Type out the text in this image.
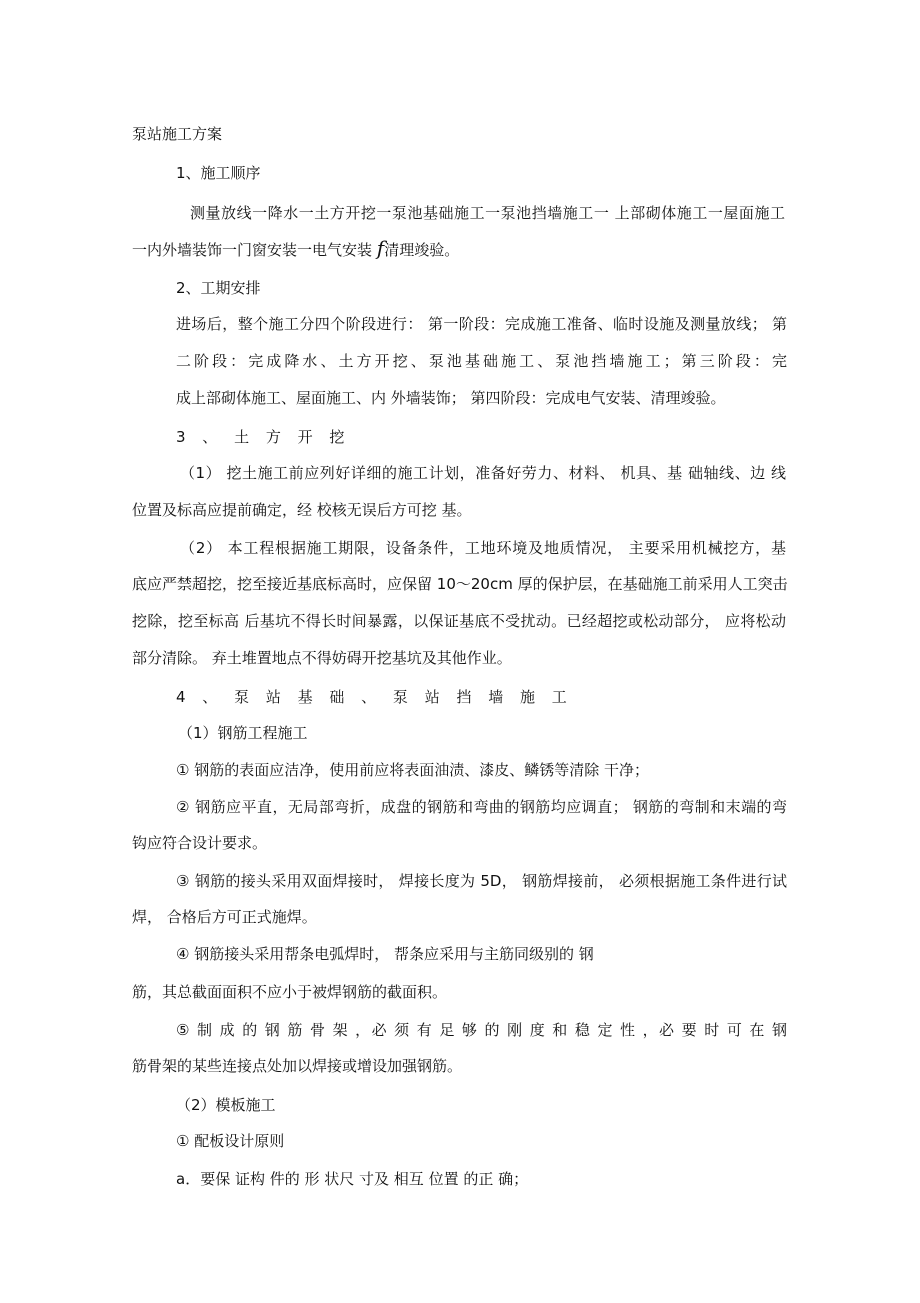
泵站施工方案
1、施工顺序
测量放线一降水一土方开挖一泵池基础施工一泵池挡墙施工一 上部砌体施工一屋面施工
一内外墙装饰一门窗安装一电气安装 f清理竣验。
2、工期安排
进场后，整个施工分四个阶段进行： 第一阶段：完成施工准备、临时设施及测量放线； 第
二阶段：完成降水、土方开挖、泵池基础施工、泵池挡墙施工；第三阶段：完
成上部砌体施工、屋面施工、内 外墙装饰； 第四阶段：完成电气安装、清理竣验。
3 、 土 方 开 挖
（1） 挖土施工前应列好详细的施工计划，准备好劳力、材料、 机具、基 础轴线、边 线
位置及标高应提前确定，经 校核无误后方可挖 基。
（2） 本工程根据施工期限，设备条件，工地环境及地质情况， 主要采用机械挖方，基
底应严禁超挖，挖至接近基底标高时，应保留 10～20cm 厚的保护层，在基础施工前采用人工突击
挖除，挖至标高 后基坑不得长时间暴露，以保证基底不受扰动。已经超挖或松动部分， 应将松动
部分清除。 弃土堆置地点不得妨碍开挖基坑及其他作业。
4 、 泵 站 基 础 、 泵 站 挡 墙 施 工
（1）钢筋工程施工
① 钢筋的表面应洁净，使用前应将表面油渍、漆皮、鳞锈等清除 干净；
② 钢筋应平直，无局部弯折，成盘的钢筋和弯曲的钢筋均应调直； 钢筋的弯制和末端的弯
钩应符合设计要求。
③ 钢筋的接头采用双面焊接时， 焊接长度为 5D， 钢筋焊接前， 必须根据施工条件进行试
焊， 合格后方可正式施焊。
④ 钢筋接头采用帮条电弧焊时， 帮条应采用与主筋同级别的 钢
筋，其总截面面积不应小于被焊钢筋的截面积。
⑤ 制 成 的 钢 筋 骨 架 ，必 须 有 足 够 的 刚 度 和 稳 定 性 ，必 要 时 可 在 钢
筋骨架的某些连接点处加以焊接或增设加强钢筋。
（2）模板施工
① 配板设计原则
a．要保 证构 件的 形 状尺 寸及 相互 位置 的正 确；
